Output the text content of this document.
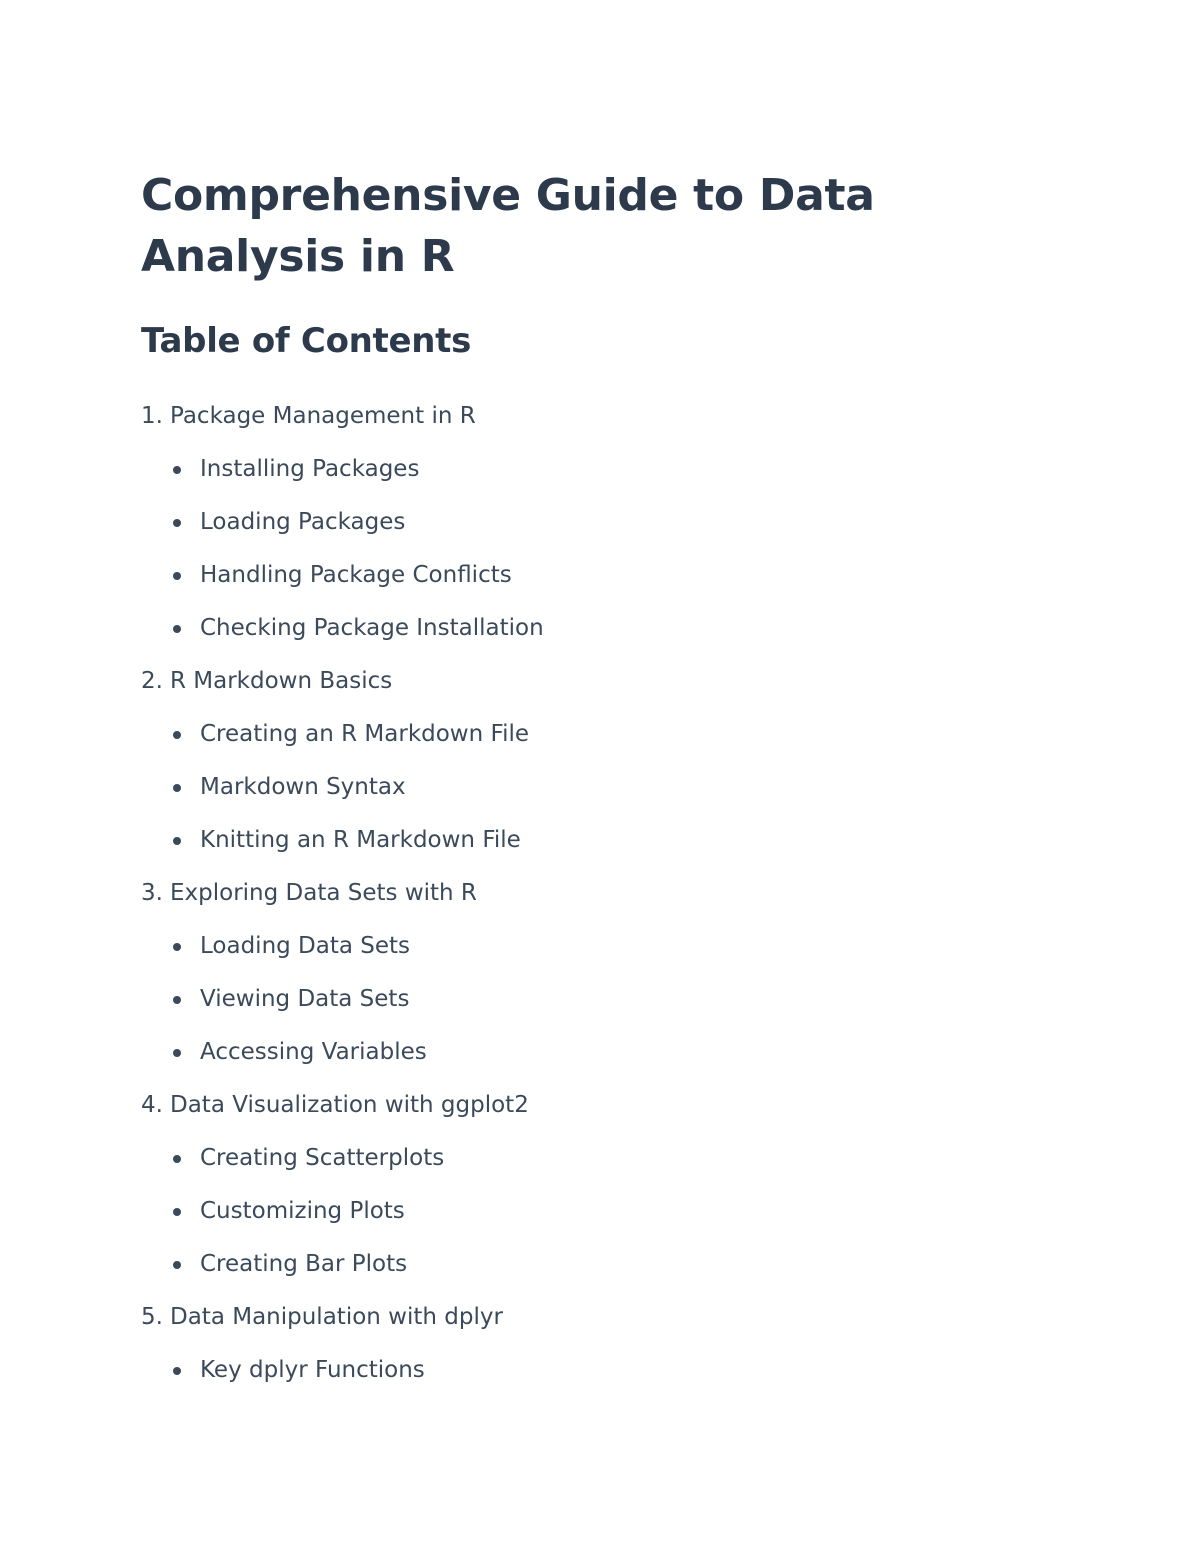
Comprehensive Guide to Data Analysis in R
Table of Contents
1. Package Management in R
Installing Packages
Loading Packages
Handling Package Conflicts
Checking Package Installation
2. R Markdown Basics
Creating an R Markdown File
Markdown Syntax
Knitting an R Markdown File
3. Exploring Data Sets with R
Loading Data Sets
Viewing Data Sets
Accessing Variables
4. Data Visualization with ggplot2
Creating Scatterplots
Customizing Plots
Creating Bar Plots
5. Data Manipulation with dplyr
Key dplyr Functions
